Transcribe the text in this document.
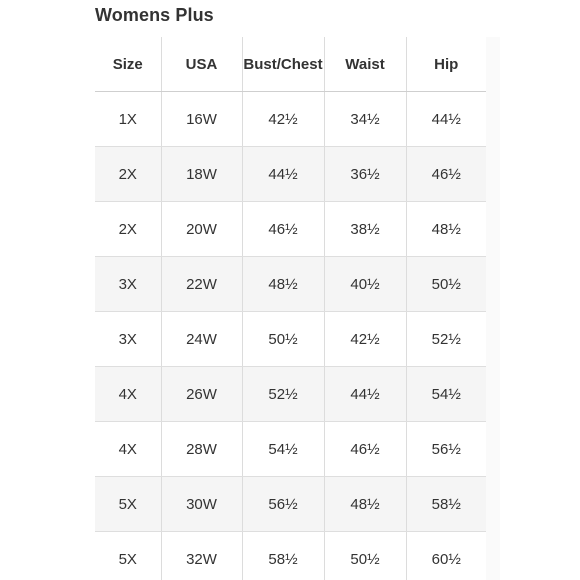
Womens Plus
Size	USA	Bust/Chest	Waist	Hip
1X	16W	42½	34½	44½
2X	18W	44½	36½	46½
2X	20W	46½	38½	48½
3X	22W	48½	40½	50½
3X	24W	50½	42½	52½
4X	26W	52½	44½	54½
4X	28W	54½	46½	56½
5X	30W	56½	48½	58½
5X	32W	58½	50½	60½
